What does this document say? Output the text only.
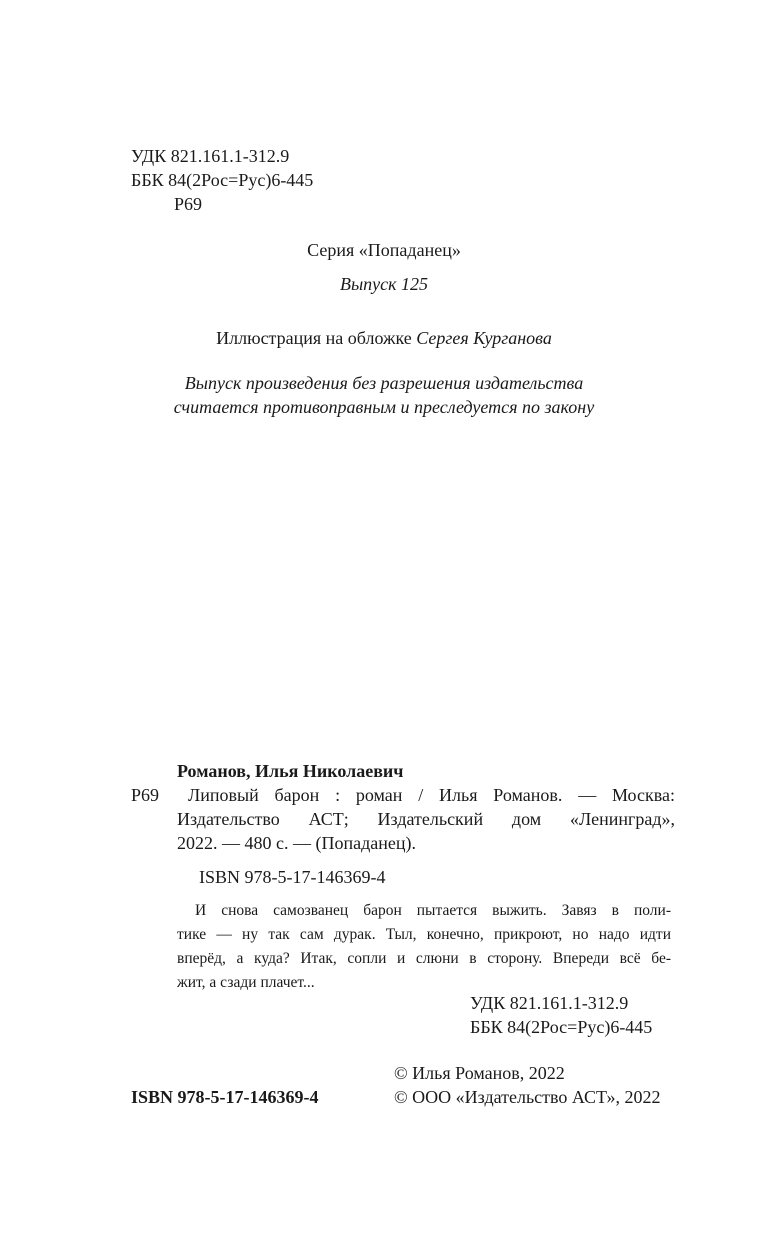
УДК 821.161.1-312.9
ББК 84(2Рос=Рус)6-445
Р69
Серия «Попаданец»
Выпуск 125
Иллюстрация на обложке Сергея Курганова
Выпуск произведения без разрешения издательства
считается противоправным и преследуется по закону
Романов, Илья Николаевич
Р69 Липовый барон : роман / Илья Романов. — Москва:
Издательство АСТ; Издательский дом «Ленинград»,
2022. — 480 с. — (Попаданец).
ISBN 978-5-17-146369-4
И снова самозванец барон пытается выжить. Завяз в поли-
тике — ну так сам дурак. Тыл, конечно, прикроют, но надо идти
вперёд, а куда? Итак, сопли и слюни в сторону. Впереди всё бе-
жит, а сзади плачет...
УДК 821.161.1-312.9
ББК 84(2Рос=Рус)6-445
ISBN 978-5-17-146369-4
© Илья Романов, 2022
© ООО «Издательство АСТ», 2022
